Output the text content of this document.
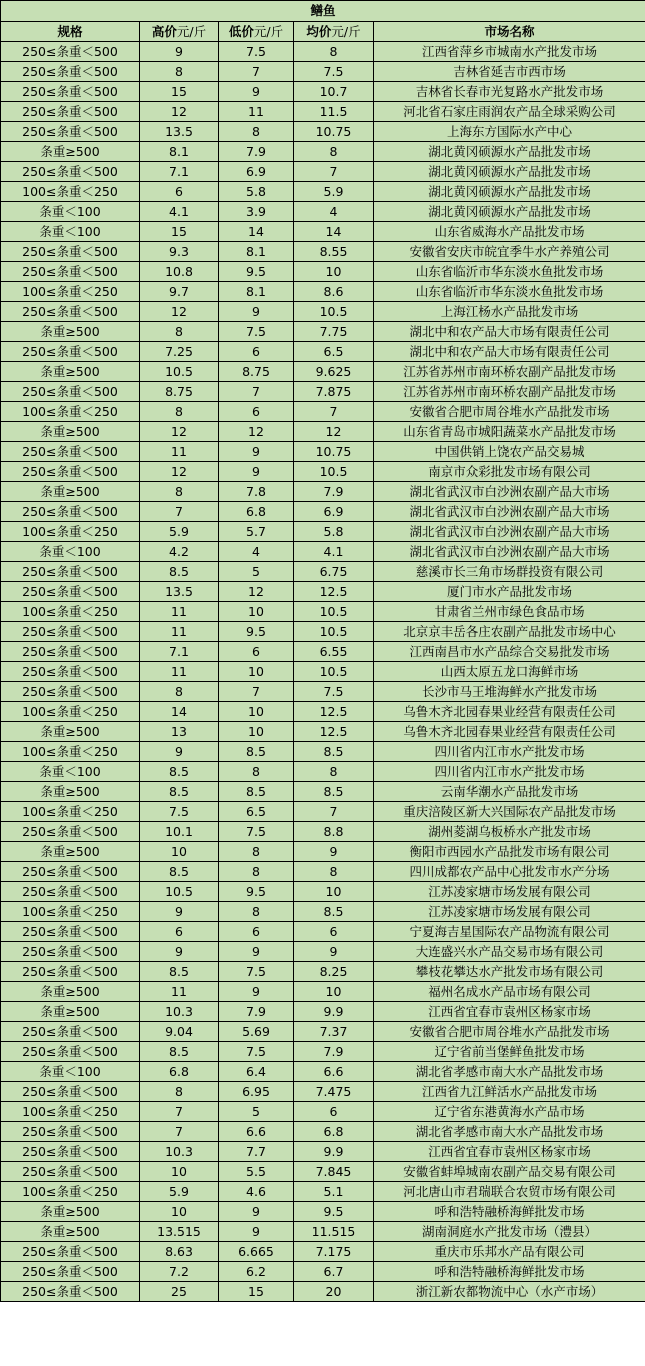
鳝鱼				
规格	高价元/斤	低价元/斤	均价元/斤	市场名称
250≤条重＜500	9	7.5	8	江西省萍乡市城南水产批发市场
250≤条重＜500	8	7	7.5	吉林省延吉市西市场
250≤条重＜500	15	9	10.7	吉林省长春市光复路水产批发市场
250≤条重＜500	12	11	11.5	河北省石家庄雨润农产品全球采购公司
250≤条重＜500	13.5	8	10.75	上海东方国际水产中心
条重≥500	8.1	7.9	8	湖北黄冈硕源水产品批发市场
250≤条重＜500	7.1	6.9	7	湖北黄冈硕源水产品批发市场
100≤条重＜250	6	5.8	5.9	湖北黄冈硕源水产品批发市场
条重＜100	4.1	3.9	4	湖北黄冈硕源水产品批发市场
条重＜100	15	14	14	山东省威海水产品批发市场
250≤条重＜500	9.3	8.1	8.55	安徽省安庆市皖宜季牛水产养殖公司
250≤条重＜500	10.8	9.5	10	山东省临沂市华东淡水鱼批发市场
100≤条重＜250	9.7	8.1	8.6	山东省临沂市华东淡水鱼批发市场
250≤条重＜500	12	9	10.5	上海江杨水产品批发市场
条重≥500	8	7.5	7.75	湖北中和农产品大市场有限责任公司
250≤条重＜500	7.25	6	6.5	湖北中和农产品大市场有限责任公司
条重≥500	10.5	8.75	9.625	江苏省苏州市南环桥农副产品批发市场
250≤条重＜500	8.75	7	7.875	江苏省苏州市南环桥农副产品批发市场
100≤条重＜250	8	6	7	安徽省合肥市周谷堆水产品批发市场
条重≥500	12	12	12	山东省青岛市城阳蔬菜水产品批发市场
250≤条重＜500	11	9	10.75	中国供销上饶农产品交易城
250≤条重＜500	12	9	10.5	南京市众彩批发市场有限公司
条重≥500	8	7.8	7.9	湖北省武汉市白沙洲农副产品大市场
250≤条重＜500	7	6.8	6.9	湖北省武汉市白沙洲农副产品大市场
100≤条重＜250	5.9	5.7	5.8	湖北省武汉市白沙洲农副产品大市场
条重＜100	4.2	4	4.1	湖北省武汉市白沙洲农副产品大市场
250≤条重＜500	8.5	5	6.75	慈溪市长三角市场群投资有限公司
250≤条重＜500	13.5	12	12.5	厦门市水产品批发市场
100≤条重＜250	11	10	10.5	甘肃省兰州市绿色食品市场
250≤条重＜500	11	9.5	10.5	北京京丰岳各庄农副产品批发市场中心
250≤条重＜500	7.1	6	6.55	江西南昌市水产品综合交易批发市场
250≤条重＜500	11	10	10.5	山西太原五龙口海鲜市场
250≤条重＜500	8	7	7.5	长沙市马王堆海鲜水产批发市场
100≤条重＜250	14	10	12.5	乌鲁木齐北园春果业经营有限责任公司
条重≥500	13	10	12.5	乌鲁木齐北园春果业经营有限责任公司
100≤条重＜250	9	8.5	8.5	四川省内江市水产批发市场
条重＜100	8.5	8	8	四川省内江市水产批发市场
条重≥500	8.5	8.5	8.5	云南华潮水产品批发市场
100≤条重＜250	7.5	6.5	7	重庆涪陵区新大兴国际农产品批发市场
250≤条重＜500	10.1	7.5	8.8	湖州菱湖乌板桥水产批发市场
条重≥500	10	8	9	衡阳市西园水产品批发市场有限公司
250≤条重＜500	8.5	8	8	四川成都农产品中心批发市水产分场
250≤条重＜500	10.5	9.5	10	江苏凌家塘市场发展有限公司
100≤条重＜250	9	8	8.5	江苏凌家塘市场发展有限公司
250≤条重＜500	6	6	6	宁夏海吉星国际农产品物流有限公司
250≤条重＜500	9	9	9	大连盛兴水产品交易市场有限公司
250≤条重＜500	8.5	7.5	8.25	攀枝花攀达水产批发市场有限公司
条重≥500	11	9	10	福州名成水产品市场有限公司
条重≥500	10.3	7.9	9.9	江西省宜春市袁州区杨家市场
250≤条重＜500	9.04	5.69	7.37	安徽省合肥市周谷堆水产品批发市场
250≤条重＜500	8.5	7.5	7.9	辽宁省前当堡鲜鱼批发市场
条重＜100	6.8	6.4	6.6	湖北省孝感市南大水产品批发市场
250≤条重＜500	8	6.95	7.475	江西省九江鲜活水产品批发市场
100≤条重＜250	7	5	6	辽宁省东港黄海水产品市场
250≤条重＜500	7	6.6	6.8	湖北省孝感市南大水产品批发市场
250≤条重＜500	10.3	7.7	9.9	江西省宜春市袁州区杨家市场
250≤条重＜500	10	5.5	7.845	安徽省蚌埠城南农副产品交易有限公司
100≤条重＜250	5.9	4.6	5.1	河北唐山市君瑞联合农贸市场有限公司
条重≥500	10	9	9.5	呼和浩特融桥海鲜批发市场
条重≥500	13.515	9	11.515	湖南洞庭水产批发市场（澧县）
250≤条重＜500	8.63	6.665	7.175	重庆市乐邦水产品有限公司
250≤条重＜500	7.2	6.2	6.7	呼和浩特融桥海鲜批发市场
250≤条重＜500	25	15	20	浙江新农都物流中心（水产市场）
